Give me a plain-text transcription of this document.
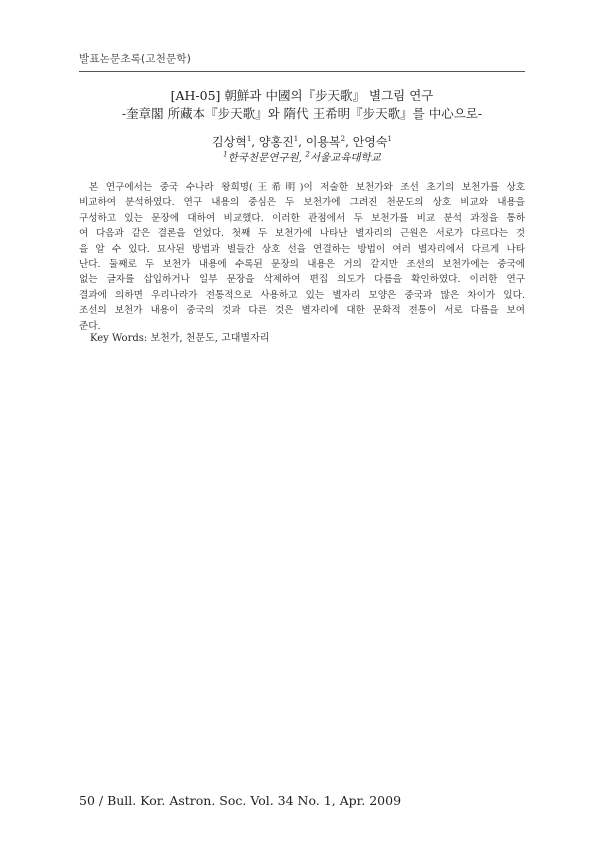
발표논문초록(고천문학)
[AH-05] 朝鮮과 中國의『步天歌』 별그림 연구
-奎章閣 所藏本『步天歌』와 隋代 王希明『步天歌』를 中心으로-
김상혁$^1$, 양홍진$^1$, 이용복$^2$, 안영숙$^1$
$^1$한국천문연구원, $^2$서울교육대학교
본 연구에서는 중국 수나라 왕희명(王希明)이 저술한 보천가와 조선 초기의 보천가를 상호
비교하여 분석하였다. 연구 내용의 중심은 두 보천가에 그려진 천문도의 상호 비교와 내용을
구성하고 있는 문장에 대하여 비교했다. 이러한 관점에서 두 보천가를 비교 분석 과정을 통하
여 다음과 같은 결론을 얻었다. 첫째 두 보천가에 나타난 별자리의 근원은 서로가 다르다는 것
을 알 수 있다. 묘사된 방법과 별들간 상호 선을 연결하는 방법이 여러 별자리에서 다르게 나타
난다. 둘째로 두 보천가 내용에 수록된 문장의 내용은 거의 같지만 조선의 보천가에는 중국에
없는 글자를 삽입하거나 일부 문장을 삭제하여 편집 의도가 다름을 확인하였다. 이러한 연구
결과에 의하면 우리나라가 전통적으로 사용하고 있는 별자리 모양은 중국과 많은 차이가 있다.
조선의 보천가 내용이 중국의 것과 다른 것은 별자리에 대한 문화적 전통이 서로 다름을 보여
준다.
Key Words: 보천가, 천문도, 고대별자리
50 / Bull. Kor. Astron. Soc. Vol. 34 No. 1, Apr. 2009
